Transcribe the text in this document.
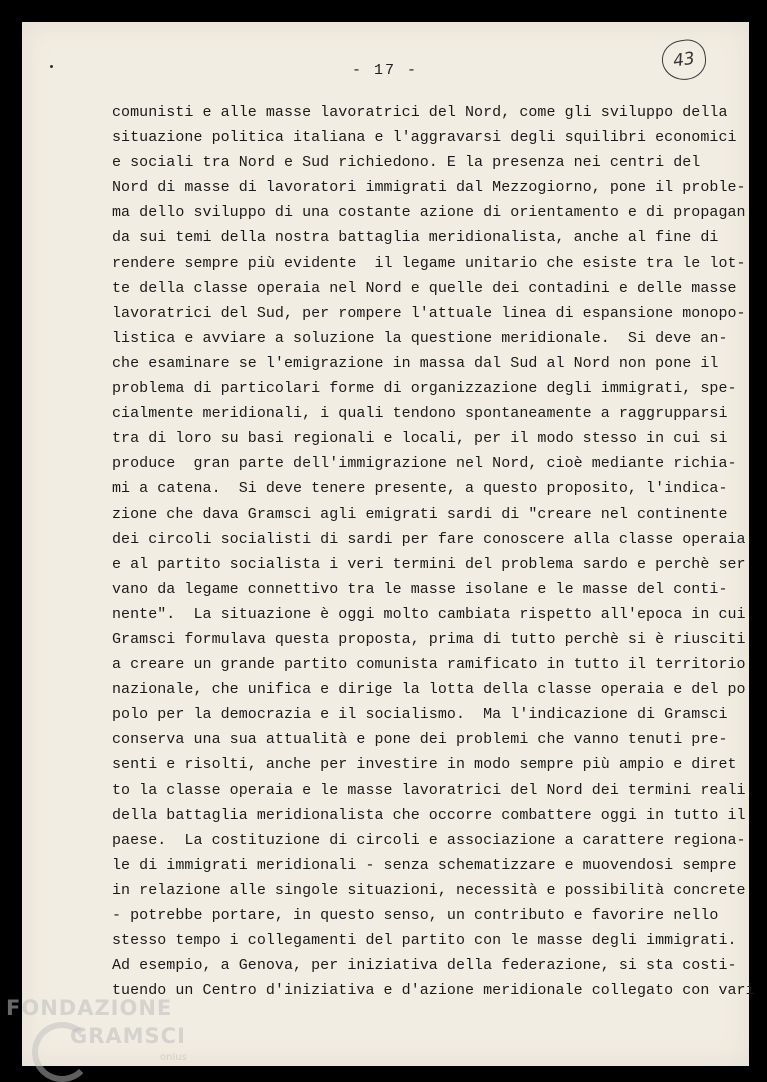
- 17 -	43
comunisti e alle masse lavoratrici del Nord, come gli sviluppo della
situazione politica italiana e l'aggravarsi degli squilibri economici
e sociali tra Nord e Sud richiedono. E la presenza nei centri del
Nord di masse di lavoratori immigrati dal Mezzogiorno, pone il proble-
ma dello sviluppo di una costante azione di orientamento e di propagan
da sui temi della nostra battaglia meridionalista, anche al fine di
rendere sempre più evidente  il legame unitario che esiste tra le lot-
te della classe operaia nel Nord e quelle dei contadini e delle masse
lavoratrici del Sud, per rompere l'attuale linea di espansione monopo-
listica e avviare a soluzione la questione meridionale.  Si deve an-
che esaminare se l'emigrazione in massa dal Sud al Nord non pone il
problema di particolari forme di organizzazione degli immigrati, spe-
cialmente meridionali, i quali tendono spontaneamente a raggrupparsi
tra di loro su basi regionali e locali, per il modo stesso in cui si
produce  gran parte dell'immigrazione nel Nord, cioè mediante richia-
mi a catena.  Si deve tenere presente, a questo proposito, l'indica-
zione che dava Gramsci agli emigrati sardi di "creare nel continente
dei circoli socialisti di sardi per fare conoscere alla classe operaia
e al partito socialista i veri termini del problema sardo e perchè ser
vano da legame connettivo tra le masse isolane e le masse del conti-
nente".  La situazione è oggi molto cambiata rispetto all'epoca in cui
Gramsci formulava questa proposta, prima di tutto perchè si è riusciti
a creare un grande partito comunista ramificato in tutto il territorio
nazionale, che unifica e dirige la lotta della classe operaia e del po
polo per la democrazia e il socialismo.  Ma l'indicazione di Gramsci
conserva una sua attualità e pone dei problemi che vanno tenuti pre-
senti e risolti, anche per investire in modo sempre più ampio e diret
to la classe operaia e le masse lavoratrici del Nord dei termini reali
della battaglia meridionalista che occorre combattere oggi in tutto il
paese.  La costituzione di circoli e associazione a carattere regiona-
le di immigrati meridionali - senza schematizzare e muovendosi sempre
in relazione alle singole situazioni, necessità e possibilità concrete
- potrebbe portare, in questo senso, un contributo e favorire nello
stesso tempo i collegamenti del partito con le masse degli immigrati.
Ad esempio, a Genova, per iniziativa della federazione, si sta costi-
tuendo un Centro d'iniziativa e d'azione meridionale collegato con vari
FONDAZIONE
GRAMSCI
onlus
